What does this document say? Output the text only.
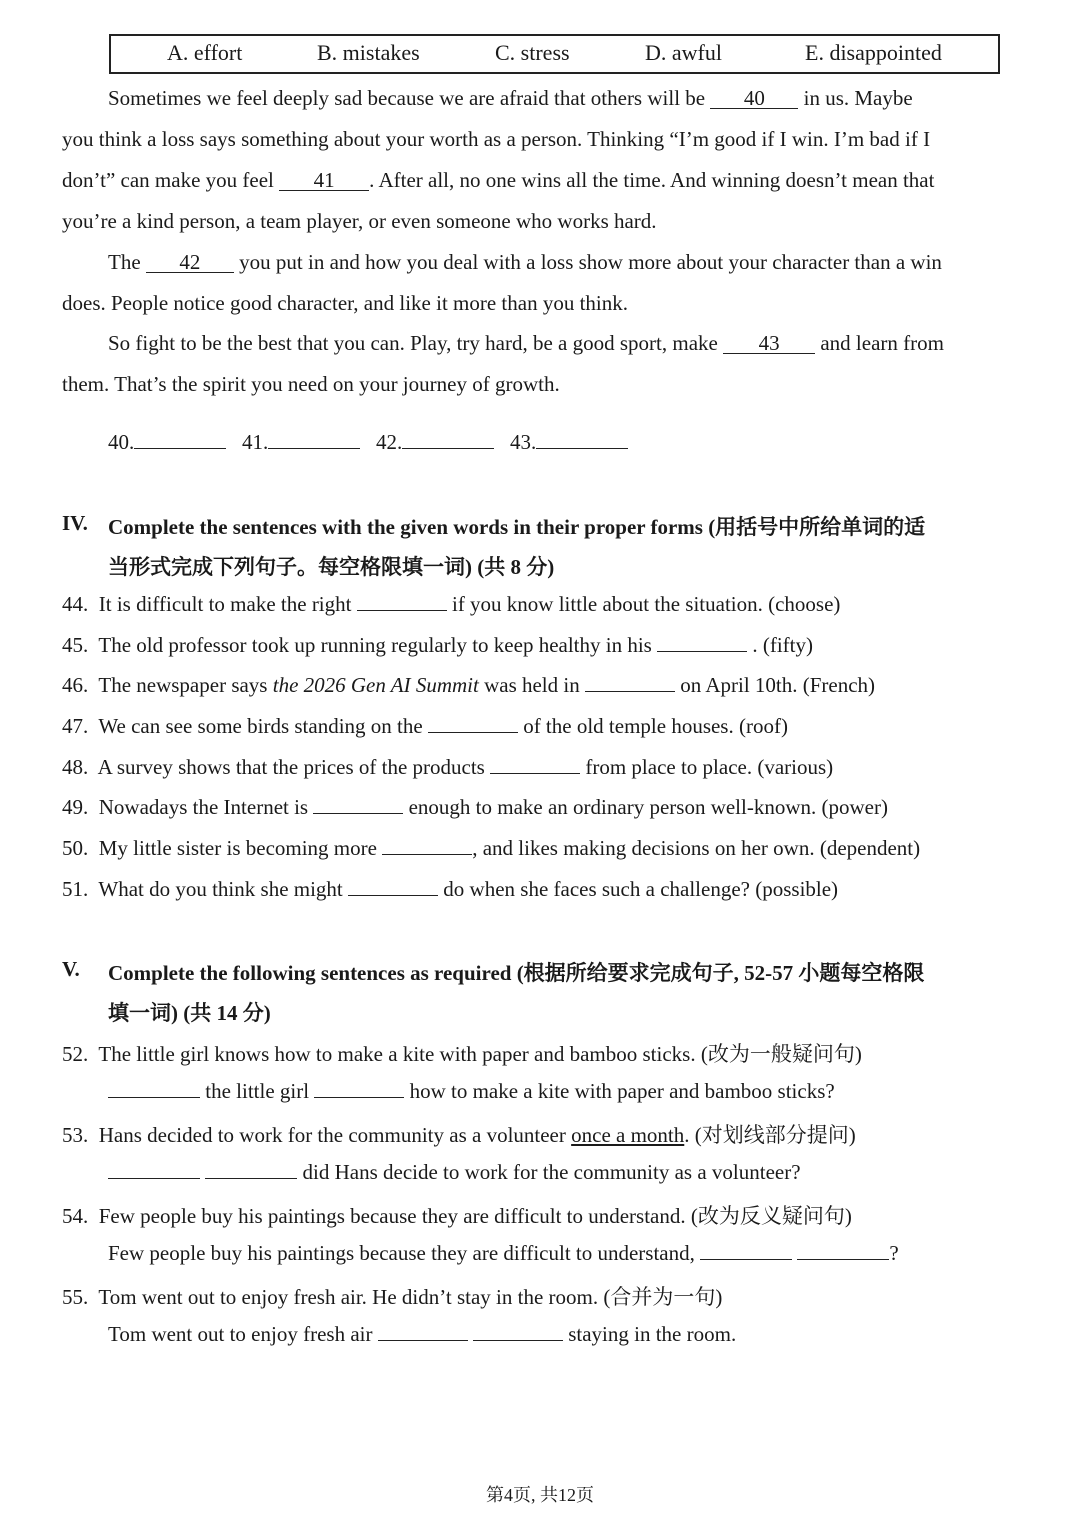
A. effort	B. mistakes	C. stress	D. awful	E. disappointed
Sometimes we feel deeply sad because we are afraid that others will be 40 in us. Maybe
you think a loss says something about your worth as a person. Thinking “I’m good if I win. I’m bad if I
don’t” can make you feel 41 . After all, no one wins all the time. And winning doesn’t mean that
you’re a kind person, a team player, or even someone who works hard.
The 42 you put in and how you deal with a loss show more about your character than a win
does. People notice good character, and like it more than you think.
So fight to be the best that you can. Play, try hard, be a good sport, make 43 and learn from
them. That’s the spirit you need on your journey of growth.
40.	41.	42.	43.
IV. Complete the sentences with the given words in their proper forms (用括号中所给单词的适
当形式完成下列句子。每空格限填一词) (共 8 分)
44. It is difficult to make the right	if you know little about the situation. (choose)
45. The old professor took up running regularly to keep healthy in his	. (fifty)
46. The newspaper says the 2026 Gen AI Summit was held in	on April 10th. (French)
47. We can see some birds standing on the	of the old temple houses. (roof)
48. A survey shows that the prices of the products	from place to place. (various)
49. Nowadays the Internet is	enough to make an ordinary person well-known. (power)
50. My little sister is becoming more	, and likes making decisions on her own. (dependent)
51. What do you think she might	do when she faces such a challenge? (possible)
V. Complete the following sentences as required (根据所给要求完成句子, 52-57 小题每空格限
填一词) (共 14 分)
52. The little girl knows how to make a kite with paper and bamboo sticks. (改为一般疑问句)
the little girl	how to make a kite with paper and bamboo sticks?
53. Hans decided to work for the community as a volunteer once a month. (对划线部分提问)
did Hans decide to work for the community as a volunteer?
54. Few people buy his paintings because they are difficult to understand. (改为反义疑问句)
Few people buy his paintings because they are difficult to understand,	?
55. Tom went out to enjoy fresh air. He didn’t stay in the room. (合并为一句)
Tom went out to enjoy fresh air	staying in the room.
第4页, 共12页
